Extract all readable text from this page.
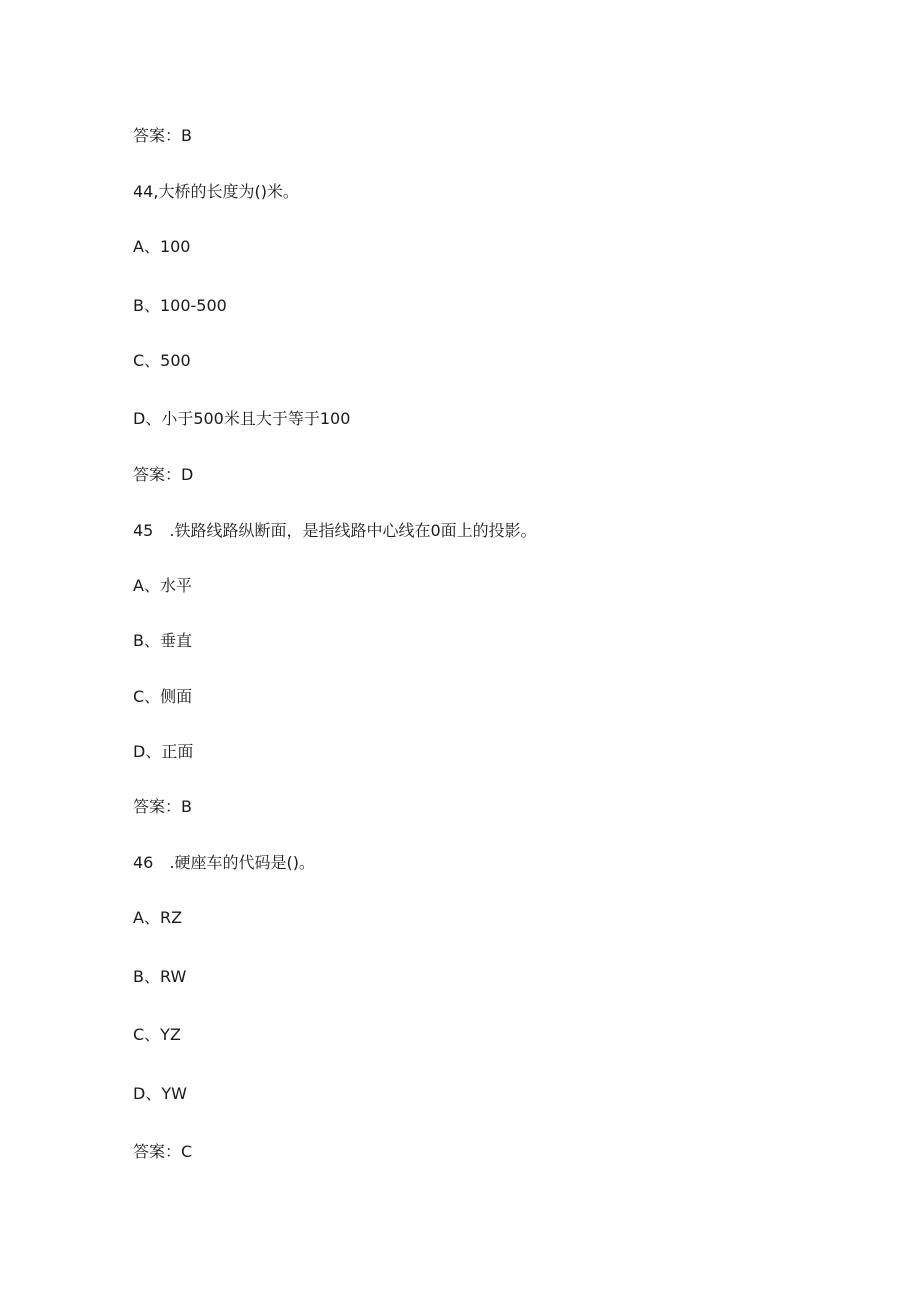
答案：B
44,大桥的长度为()米。
A、100
B、100-500
C、500
D、小于500米且大于等于100
答案：D
45 .铁路线路纵断面，是指线路中心线在0面上的投影。
A、水平
B、垂直
C、侧面
D、正面
答案：B
46 .硬座车的代码是()。
A、RZ
B、RW
C、YZ
D、YW
答案：C
